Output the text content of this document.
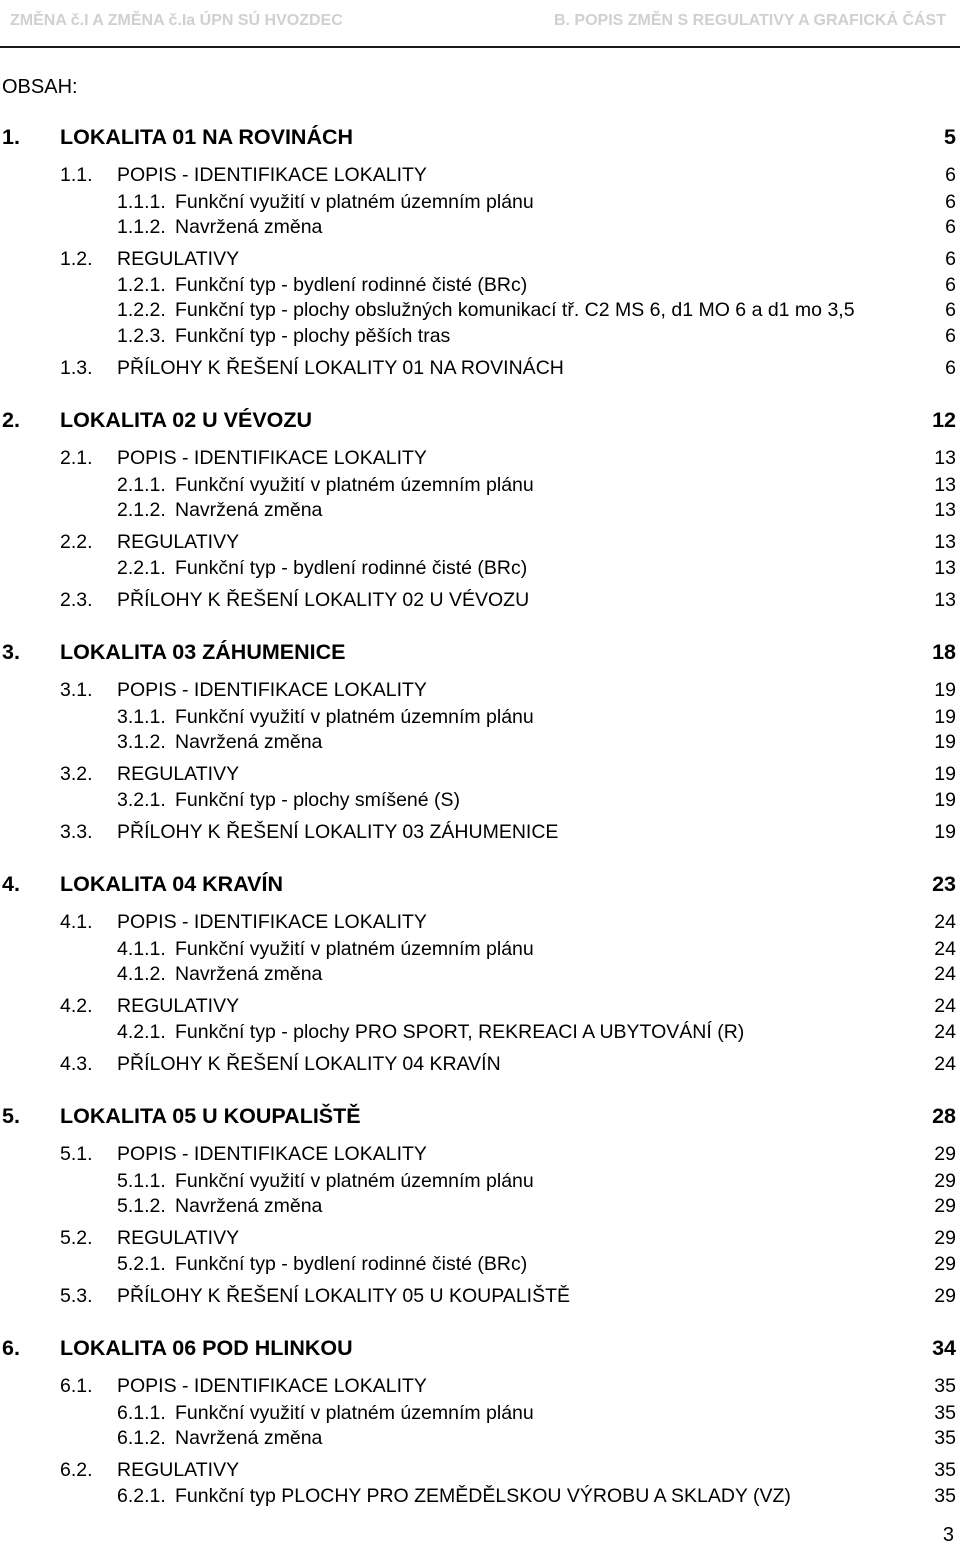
ZMĚNA č.I A ZMĚNA č.Ia ÚPN SÚ HVOZDEC	B. POPIS ZMĚN S REGULATIVY A GRAFICKÁ ČÁST
OBSAH:
1. LOKALITA 01 NA ROVINÁCH	5
1.1. POPIS - IDENTIFIKACE LOKALITY	6
1.1.1. Funkční využití v platném územním plánu	6
1.1.2. Navržená změna	6
1.2. REGULATIVY	6
1.2.1. Funkční typ - bydlení rodinné čisté (BRc)	6
1.2.2. Funkční typ - plochy obslužných komunikací tř. C2 MS 6, d1 MO 6 a d1 mo 3,5	6
1.2.3. Funkční typ - plochy pěších tras	6
1.3. PŘÍLOHY K ŘEŠENÍ LOKALITY 01 NA ROVINÁCH	6
2. LOKALITA 02 U VÉVOZU	12
2.1. POPIS - IDENTIFIKACE LOKALITY	13
2.1.1. Funkční využití v platném územním plánu	13
2.1.2. Navržená změna	13
2.2. REGULATIVY	13
2.2.1. Funkční typ - bydlení rodinné čisté (BRc)	13
2.3. PŘÍLOHY K ŘEŠENÍ LOKALITY 02 U VÉVOZU	13
3. LOKALITA 03 ZÁHUMENICE	18
3.1. POPIS - IDENTIFIKACE LOKALITY	19
3.1.1. Funkční využití v platném územním plánu	19
3.1.2. Navržená změna	19
3.2. REGULATIVY	19
3.2.1. Funkční typ - plochy smíšené (S)	19
3.3. PŘÍLOHY K ŘEŠENÍ LOKALITY 03 ZÁHUMENICE	19
4. LOKALITA 04 KRAVÍN	23
4.1. POPIS - IDENTIFIKACE LOKALITY	24
4.1.1. Funkční využití v platném územním plánu	24
4.1.2. Navržená změna	24
4.2. REGULATIVY	24
4.2.1. Funkční typ - plochy PRO SPORT, REKREACI A UBYTOVÁNÍ (R)	24
4.3. PŘÍLOHY K ŘEŠENÍ LOKALITY 04 KRAVÍN	24
5. LOKALITA 05 U KOUPALIŠTĚ	28
5.1. POPIS - IDENTIFIKACE LOKALITY	29
5.1.1. Funkční využití v platném územním plánu	29
5.1.2. Navržená změna	29
5.2. REGULATIVY	29
5.2.1. Funkční typ - bydlení rodinné čisté (BRc)	29
5.3. PŘÍLOHY K ŘEŠENÍ LOKALITY 05 U KOUPALIŠTĚ	29
6. LOKALITA 06 POD HLINKOU	34
6.1. POPIS - IDENTIFIKACE LOKALITY	35
6.1.1. Funkční využití v platném územním plánu	35
6.1.2. Navržená změna	35
6.2. REGULATIVY	35
6.2.1. Funkční typ PLOCHY PRO ZEMĚDĚLSKOU VÝROBU A SKLADY (VZ)	35
3
